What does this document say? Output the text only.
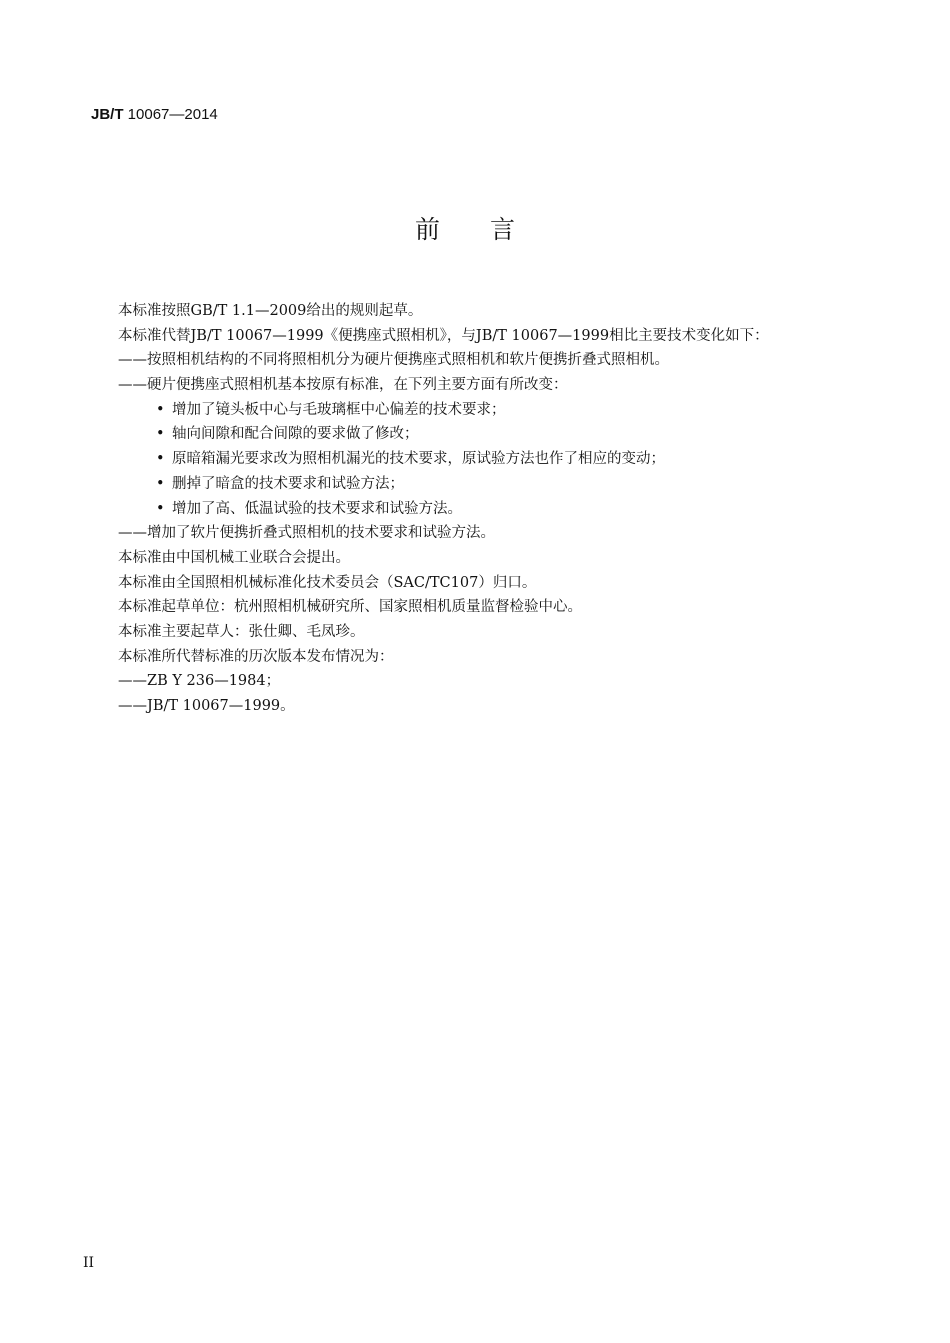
JB/T 10067—2014
前　　言
本标准按照GB/T 1.1—2009给出的规则起草。
本标准代替JB/T 10067—1999《便携座式照相机》，与JB/T 10067—1999相比主要技术变化如下：
——按照相机结构的不同将照相机分为硬片便携座式照相机和软片便携折叠式照相机。
——硬片便携座式照相机基本按原有标准，在下列主要方面有所改变：
• 增加了镜头板中心与毛玻璃框中心偏差的技术要求；
• 轴向间隙和配合间隙的要求做了修改；
• 原暗箱漏光要求改为照相机漏光的技术要求，原试验方法也作了相应的变动；
• 删掉了暗盒的技术要求和试验方法；
• 增加了高、低温试验的技术要求和试验方法。
——增加了软片便携折叠式照相机的技术要求和试验方法。
本标准由中国机械工业联合会提出。
本标准由全国照相机械标准化技术委员会（SAC/TC107）归口。
本标准起草单位：杭州照相机械研究所、国家照相机质量监督检验中心。
本标准主要起草人：张仕卿、毛凤珍。
本标准所代替标准的历次版本发布情况为：
——ZB Y 236—1984；
——JB/T 10067—1999。
II
